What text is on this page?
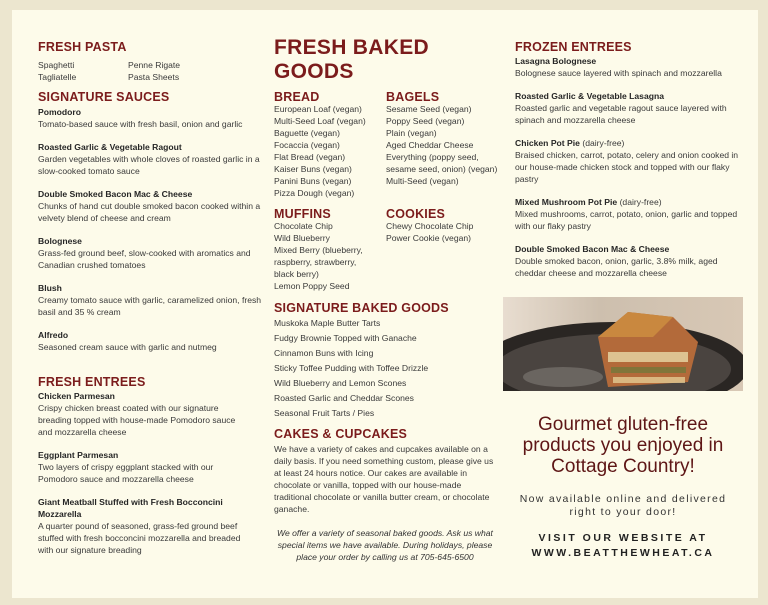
FRESH PASTA
Spaghetti
Tagliatelle
Penne Rigate
Pasta Sheets
SIGNATURE SAUCES
Pomodoro
Tomato-based sauce with fresh basil, onion and garlic
Roasted Garlic & Vegetable Ragout
Garden vegetables with whole cloves of roasted garlic in a slow-cooked tomato sauce
Double Smoked Bacon Mac & Cheese
Chunks of hand cut double smoked bacon cooked within a velvety blend of cheese and cream
Bolognese
Grass-fed ground beef, slow-cooked with aromatics and Canadian crushed tomatoes
Blush
Creamy tomato sauce with garlic, caramelized onion, fresh basil and 35 % cream
Alfredo
Seasoned cream sauce with garlic and nutmeg
FRESH ENTREES
Chicken Parmesan
Crispy chicken breast coated with our signature breading topped with house-made Pomodoro sauce and mozzarella cheese
Eggplant Parmesan
Two layers of crispy eggplant stacked with our Pomodoro sauce and mozzarella cheese
Giant Meatball Stuffed with Fresh Bocconcini Mozzarella
A quarter pound of seasoned, grass-fed ground beef stuffed with fresh bocconcini mozzarella and breaded with our signature breading
FRESH BAKED GOODS
BREAD
European Loaf (vegan)
Multi-Seed Loaf (vegan)
Baguette (vegan)
Focaccia (vegan)
Flat Bread (vegan)
Kaiser Buns (vegan)
Panini Buns (vegan)
Pizza Dough (vegan)
BAGELS
Sesame Seed (vegan)
Poppy Seed (vegan)
Plain (vegan)
Aged Cheddar Cheese
Everything (poppy seed, sesame seed, onion) (vegan)
Multi-Seed (vegan)
MUFFINS
Chocolate Chip
Wild Blueberry
Mixed Berry (blueberry, raspberry, strawberry, black berry)
Lemon Poppy Seed
COOKIES
Chewy Chocolate Chip
Power Cookie (vegan)
SIGNATURE BAKED GOODS
Muskoka Maple Butter Tarts
Fudgy Brownie Topped with Ganache
Cinnamon Buns with Icing
Sticky Toffee Pudding with Toffee Drizzle
Wild Blueberry and Lemon Scones
Roasted Garlic and Cheddar Scones
Seasonal Fruit Tarts / Pies
CAKES & CUPCAKES
We have a variety of cakes and cupcakes available on a daily basis. If you need something custom, please give us at least 24 hours notice. Our cakes are available in chocolate or vanilla, topped with our house-made traditional chocolate or vanilla butter cream, or chocolate ganache.
We offer a variety of seasonal baked goods. Ask us what special items we have available. During holidays, please place your order by calling us at 705-645-6500
FROZEN ENTREES
Lasagna Bolognese
Bolognese sauce layered with spinach and mozzarella
Roasted Garlic & Vegetable Lasagna
Roasted garlic and vegetable ragout sauce layered with spinach and mozzarella cheese
Chicken Pot Pie (dairy-free)
Braised chicken, carrot, potato, celery and onion cooked in our house-made chicken stock and topped with our flaky pastry
Mixed Mushroom Pot Pie (dairy-free)
Mixed mushrooms, carrot, potato, onion, garlic and topped with our flaky pastry
Double Smoked Bacon Mac & Cheese
Double smoked bacon, onion, garlic, 3.8% milk, aged cheddar cheese and mozzarella cheese
Gourmet gluten-free products you enjoyed in Cottage Country!
Now available online and delivered right to your door!
VISIT OUR WEBSITE AT
WWW.BEATTHEWHEAT.CA
